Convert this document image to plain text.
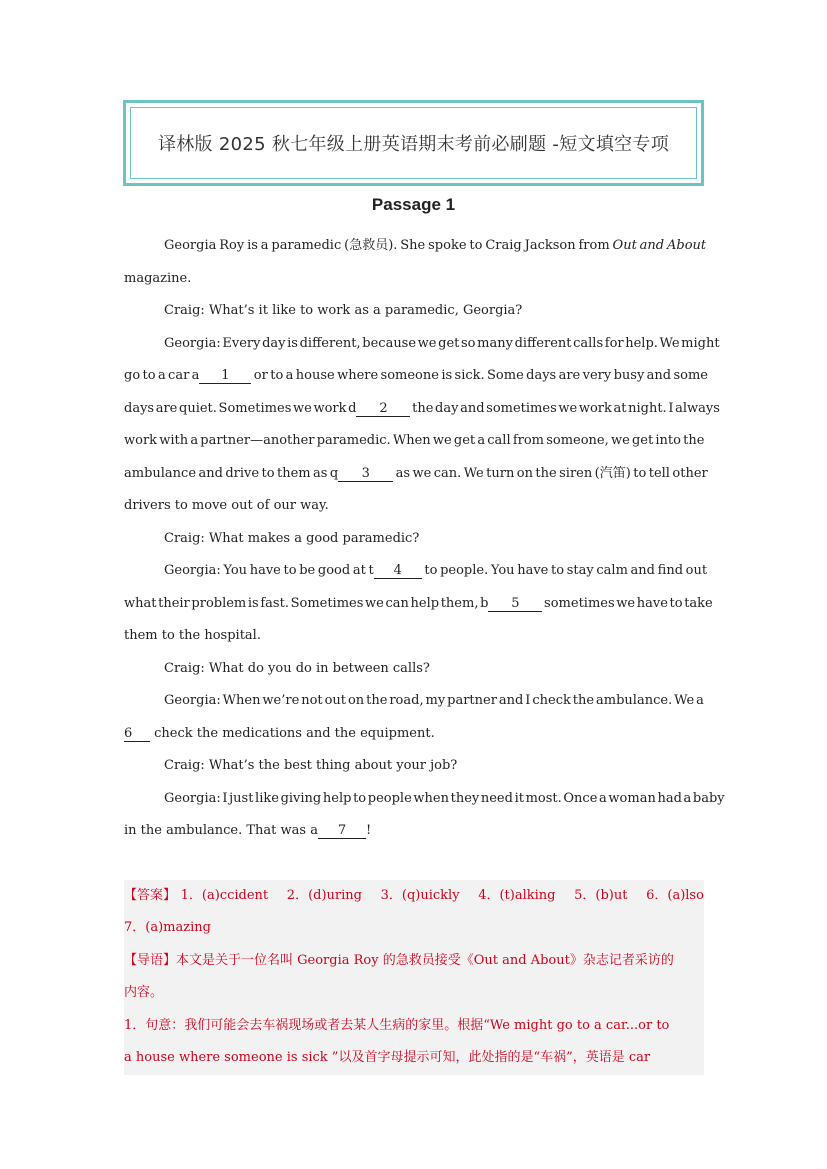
译林版 2025 秋七年级上册英语期末考前必刷题 -短文填空专项
Passage 1
Georgia Roy is a paramedic (急救员). She spoke to Craig Jackson from Out and About
magazine.
Craig: What’s it like to work as a paramedic, Georgia?
Georgia: Every day is different, because we get so many different calls for help. We might
go to a car a 1 or to a house where someone is sick. Some days are very busy and some
days are quiet. Sometimes we work d 2 the day and sometimes we work at night. I always
work with a partner—another paramedic. When we get a call from someone, we get into the
ambulance and drive to them as q 3 as we can. We turn on the siren (汽笛) to tell other
drivers to move out of our way.
Craig: What makes a good paramedic?
Georgia: You have to be good at t 4 to people. You have to stay calm and find out
what their problem is fast. Sometimes we can help them, b 5 sometimes we have to take
them to the hospital.
Craig: What do you do in between calls?
Georgia: When we’re not out on the road, my partner and I check the ambulance. We a
6 check the medications and the equipment.
Craig: What’s the best thing about your job?
Georgia: I just like giving help to people when they need it most. Once a woman had a baby
in the ambulance. That was a 7 !
【答案】 1．(a)ccident 2．(d)uring 3．(q)uickly 4．(t)alking 5．(b)ut 6．(a)lso
7．(a)mazing
【导语】本文是关于一位名叫 Georgia Roy 的急救员接受《Out and About》杂志记者采访的
内容。
1．句意：我们可能会去车祸现场或者去某人生病的家里。根据“We might go to a car...or to
a house where someone is sick ”以及首字母提示可知，此处指的是“车祸”，英语是 car
